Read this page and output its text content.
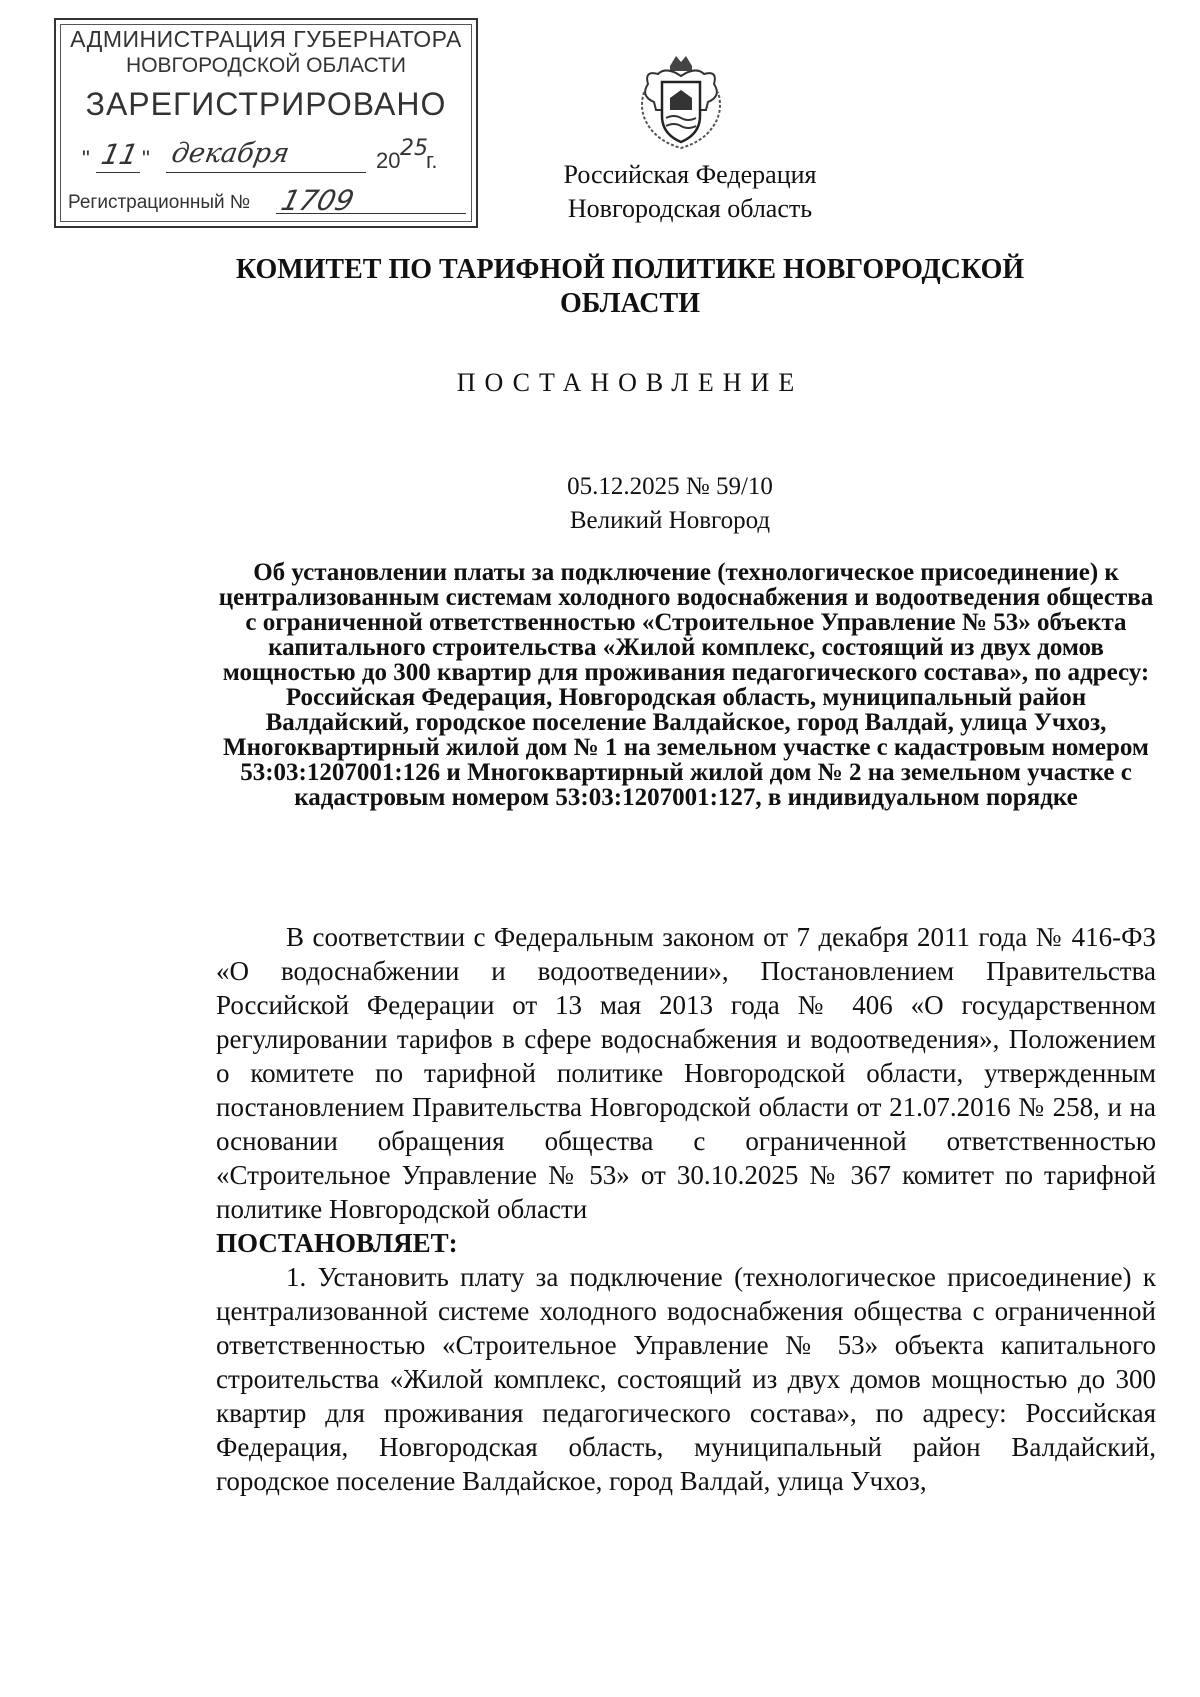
АДМИНИСТРАЦИЯ ГУБЕРНАТОРА
НОВГОРОДСКОЙ ОБЛАСТИ
ЗАРЕГИСТРИРОВАНО
" 11 " декабря	20 25
г.
Регистрационный № 1709
Российская Федерация
Новгородская область
КОМИТЕТ ПО ТАРИФНОЙ ПОЛИТИКЕ НОВГОРОДСКОЙ ОБЛАСТИ
ПОСТАНОВЛЕНИЕ
05.12.2025 № 59/10
Великий Новгород
Об установлении платы за подключение (технологическое присоединение) к централизованным системам холодного водоснабжения и водоотведения общества с ограниченной ответственностью «Строительное Управление № 53» объекта капитального строительства «Жилой комплекс, состоящий из двух домов мощностью до 300 квартир для проживания педагогического состава», по адресу: Российская Федерация, Новгородская область, муниципальный район Валдайский, городское поселение Валдайское, город Валдай, улица Учхоз, Многоквартирный жилой дом № 1 на земельном участке с кадастровым номером 53:03:1207001:126 и Многоквартирный жилой дом № 2 на земельном участке с кадастровым номером 53:03:1207001:127, в индивидуальном порядке

В соответствии с Федеральным законом от 7 декабря 2011 года № 416-ФЗ «О водоснабжении и водоотведении», Постановлением Правительства Российской Федерации от 13 мая 2013 года № 406 «О государственном регулировании тарифов в сфере водоснабжения и водоотведения», Положением о комитете по тарифной политике Новгородской области, утвержденным постановлением Правительства Новгородской области от 21.07.2016 № 258, и на основании обращения общества с ограниченной ответственностью «Строительное Управление № 53» от 30.10.2025 № 367 комитет по тарифной политике Новгородской области

ПОСТАНОВЛЯЕТ:

1. Установить плату за подключение (технологическое присоединение) к централизованной системе холодного водоснабжения общества с ограниченной ответственностью «Строительное Управление № 53» объекта капитального строительства «Жилой комплекс, состоящий из двух домов мощностью до 300 квартир для проживания педагогического состава», по адресу: Российская Федерация, Новгородская область, муниципальный район Валдайский, городское поселение Валдайское, город Валдай, улица Учхоз,
